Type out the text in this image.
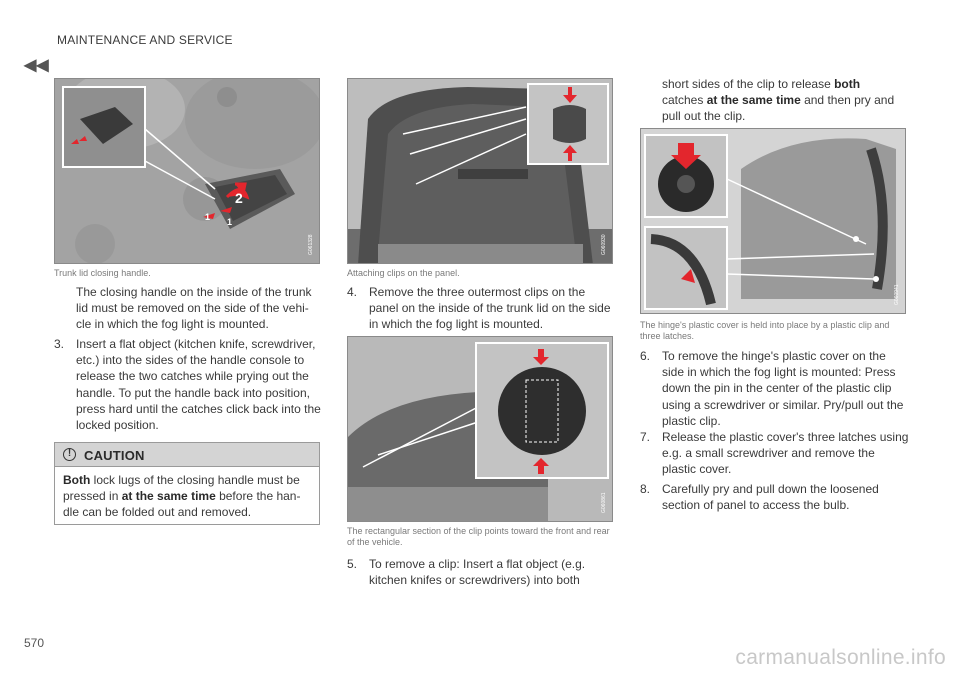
MAINTENANCE AND SERVICE
◀◀
2
1 1
G061328
Trunk lid closing handle.
The closing handle on the inside of the trunk lid must be removed on the side of the vehi-cle in which the fog light is mounted.
3. Insert a flat object (kitchen knife, screwdriver, etc.) into the sides of the handle console to release the two catches while prying out the handle. To put the handle back into position, press hard until the catches click back into the locked position.
! CAUTION
Both lock lugs of the closing handle must be pressed in at the same time before the han-dle can be folded out and removed.
G060930
Attaching clips on the panel.
4. Remove the three outermost clips on the panel on the inside of the trunk lid on the side in which the fog light is mounted.
G060861
The rectangular section of the clip points toward the front and rear of the vehicle.
5. To remove a clip: Insert a flat object (e.g. kitchen knifes or screwdrivers) into both
short sides of the clip to release both
catches at the same time and then pry and pull out the clip.
G060941
The hinge's plastic cover is held into place by a plastic clip and three latches.
6. To remove the hinge's plastic cover on the side in which the fog light is mounted: Press down the pin in the center of the plastic clip using a screwdriver or similar. Pry/pull out the plastic clip.
7. Release the plastic cover's three latches using e.g. a small screwdriver and remove the plastic cover.
8. Carefully pry and pull down the loosened section of panel to access the bulb.
570
carmanualsonline.info
